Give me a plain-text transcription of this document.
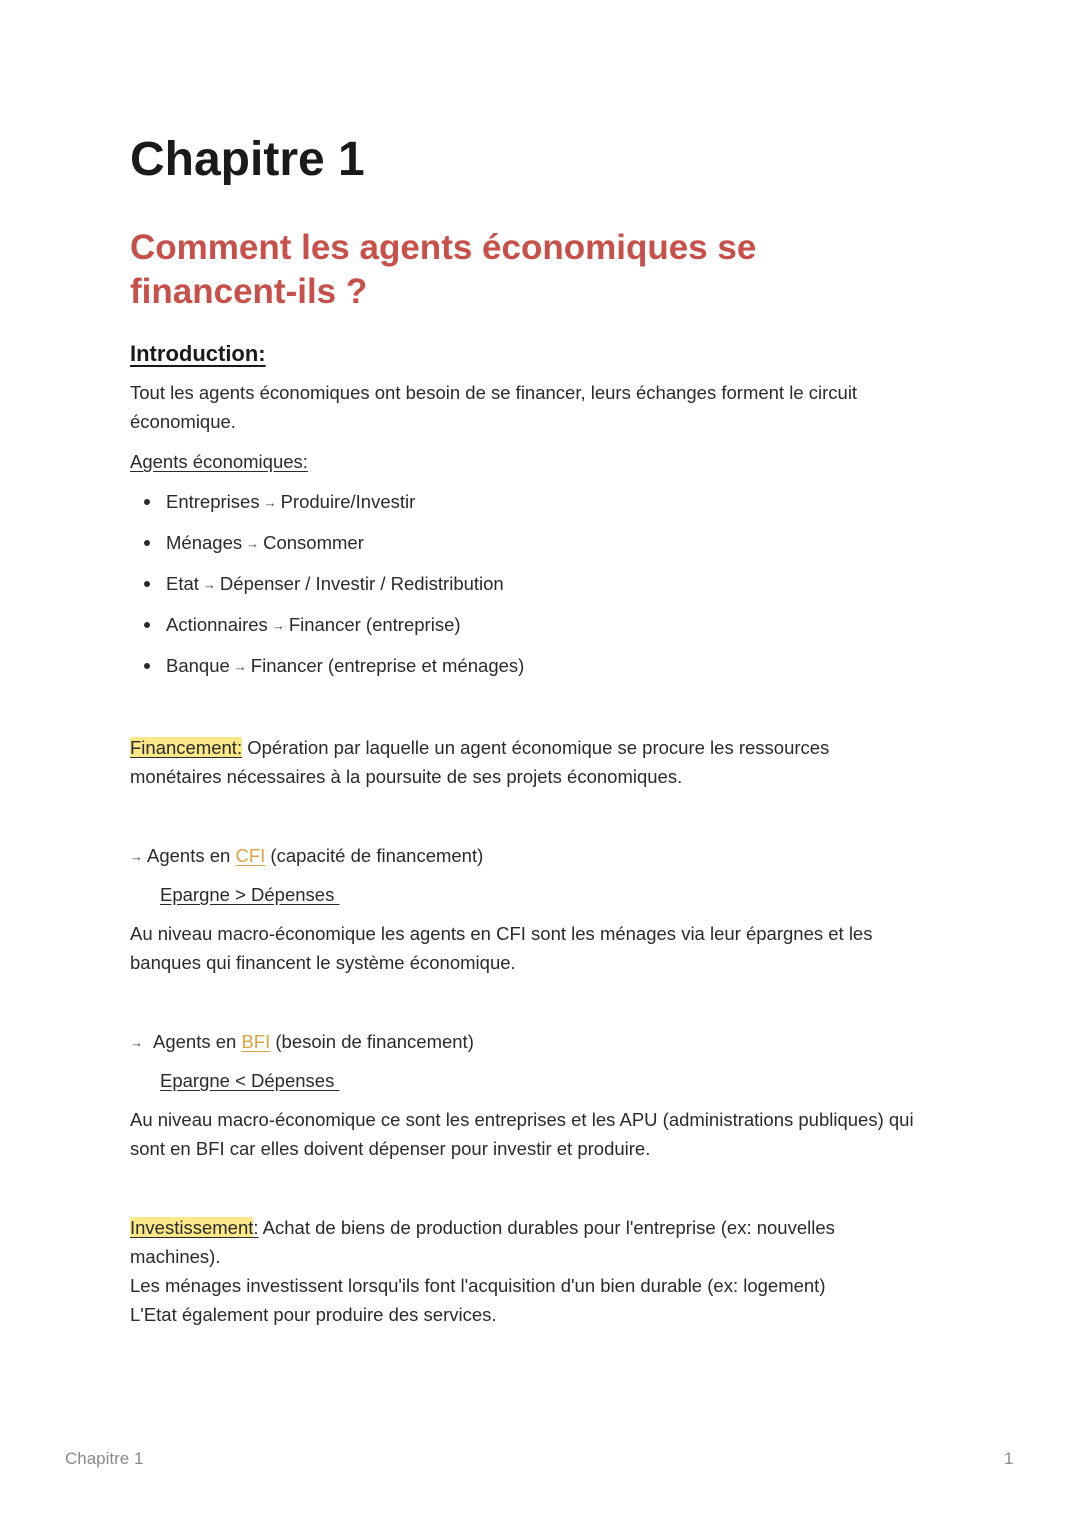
Chapitre 1
Comment les agents économiques se financent-ils ?
Introduction:
Tout les agents économiques ont besoin de se financer, leurs échanges forment le circuit économique.
Agents économiques:
Entreprises → Produire/Investir
Ménages → Consommer
Etat → Dépenser / Investir / Redistribution
Actionnaires → Financer (entreprise)
Banque → Financer (entreprise et ménages)
Financement: Opération par laquelle un agent économique se procure les ressources monétaires nécessaires à la poursuite de ses projets économiques.
→ Agents en CFI (capacité de financement)
Epargne > Dépenses
Au niveau macro-économique les agents en CFI sont les ménages via leur épargnes et les banques qui financent le système économique.
→ Agents en BFI (besoin de financement)
Epargne < Dépenses
Au niveau macro-économique ce sont les entreprises et les APU (administrations publiques) qui sont en BFI car elles doivent dépenser pour investir et produire.
Investissement: Achat de biens de production durables pour l'entreprise (ex: nouvelles machines).
Les ménages investissent lorsqu'ils font l'acquisition d'un bien durable (ex: logement)
L'Etat également pour produire des services.
Chapitre 1	1
